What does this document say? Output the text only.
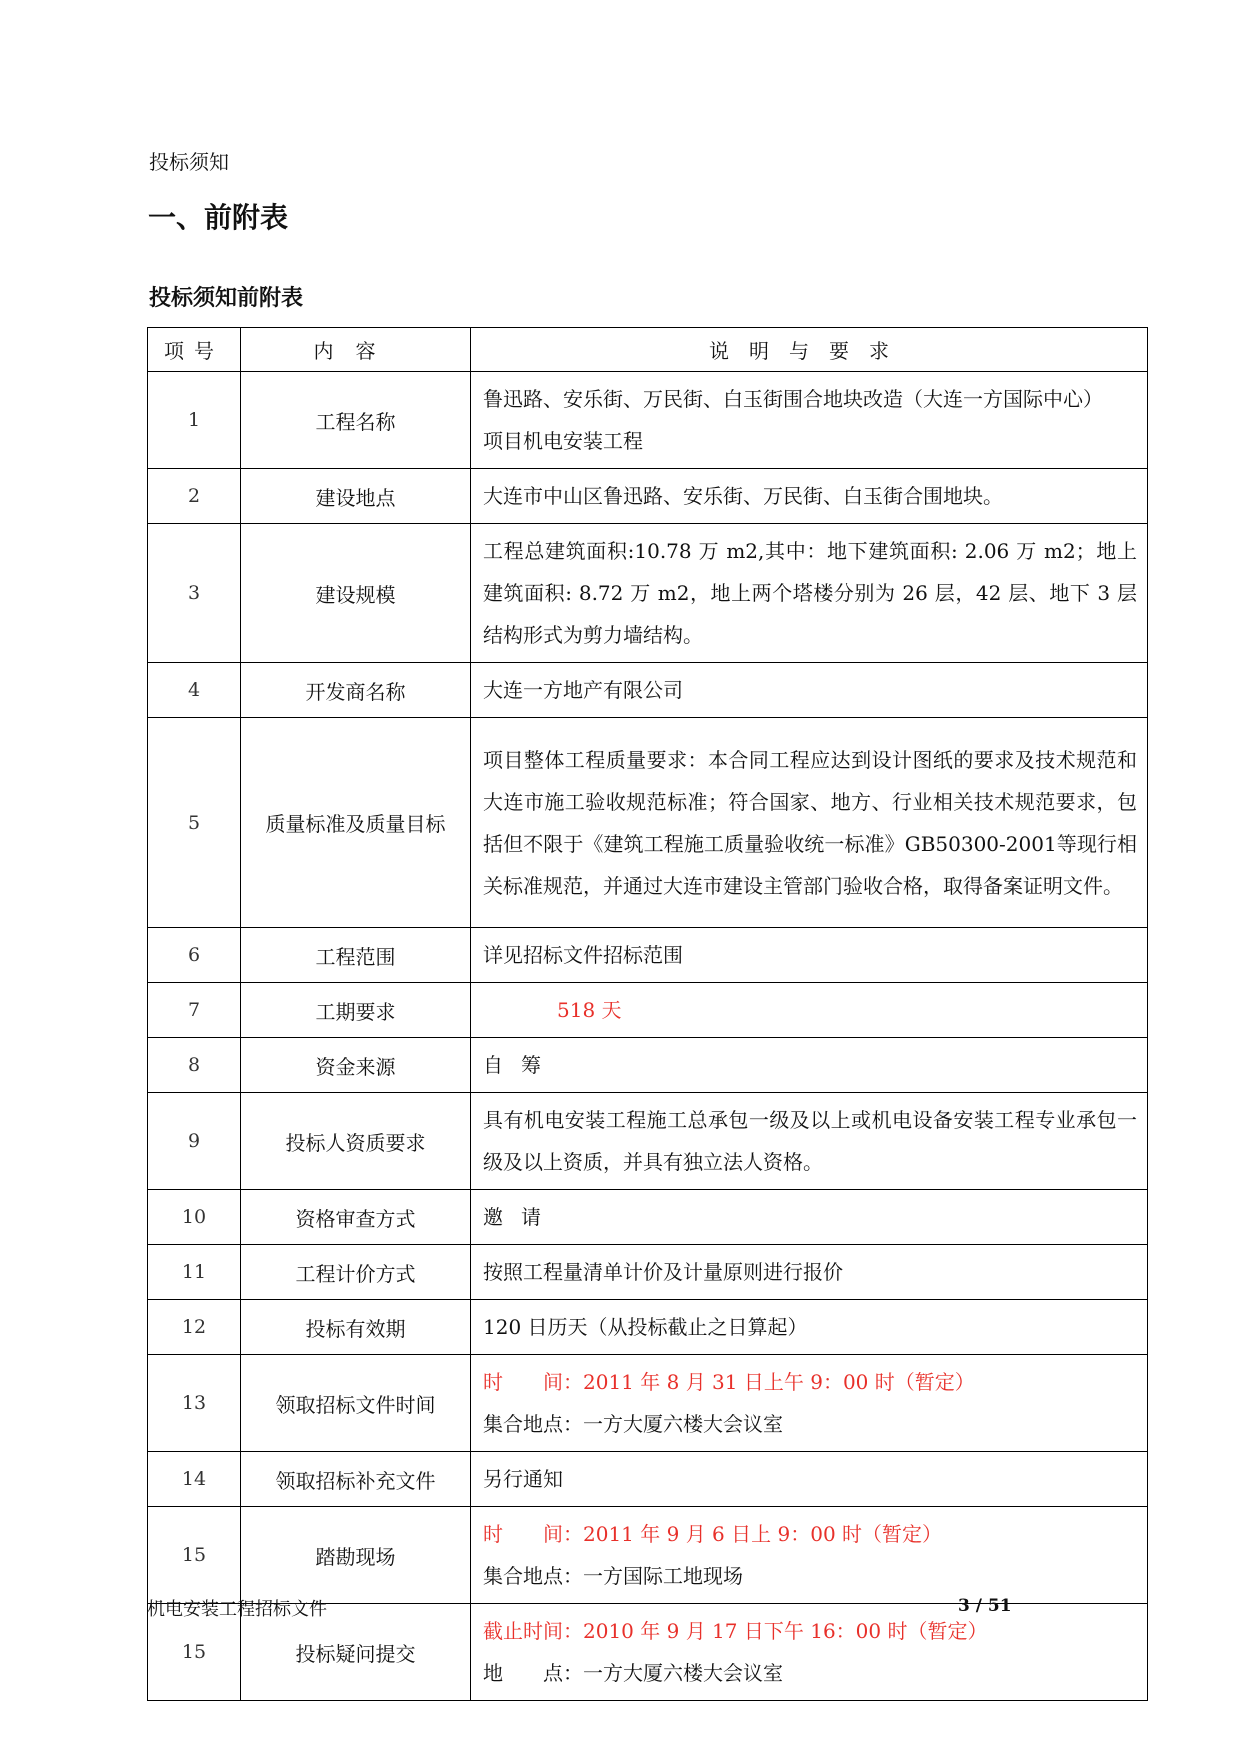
投标须知
一、前附表
投标须知前附表
项号	内容	说明与要求
1	工程名称	鲁迅路、安乐街、万民街、白玉街围合地块改造（大连一方国际中心）
项目机电安装工程

2	建设地点	大连市中山区鲁迅路、安乐街、万民街、白玉街合围地块。

3	建设规模	工程总建筑面积:10.78 万 m2,其中：地下建筑面积: 2.06 万 m2；地上建筑面积: 8.72 万 m2，地上两个塔楼分别为 26 层，42 层、地下 3 层结构形式为剪力墙结构。

4	开发商名称	大连一方地产有限公司

5	质量标准及质量目标	项目整体工程质量要求：本合同工程应达到设计图纸的要求及技术规范和大连市施工验收规范标准；符合国家、地方、行业相关技术规范要求，包括但不限于《建筑工程施工质量验收统一标准》GB50300-2001等现行相关标准规范，并通过大连市建设主管部门验收合格，取得备案证明文件。

6	工程范围	详见招标文件招标范围

7	工期要求	518 天

8	资金来源	自筹

9	投标人资质要求	具有机电安装工程施工总承包一级及以上或机电设备安装工程专业承包一级及以上资质，并具有独立法人资格。

10	资格审查方式	邀请

11	工程计价方式	按照工程量清单计价及计量原则进行报价

12	投标有效期	120 日历天（从投标截止之日算起）

13	领取招标文件时间	时　　间：2011 年 8 月 31 日上午 9：00 时（暂定）
集合地点：一方大厦六楼大会议室

14	领取招标补充文件	另行通知

15	踏勘现场	时　　间：2011 年 9 月 6 日上 9：00 时（暂定）
集合地点：一方国际工地现场

15	投标疑问提交	截止时间：2010 年 9 月 17 日下午 16：00 时（暂定）
地　　点：一方大厦六楼大会议室
机电安装工程招标文件	3 / 51
